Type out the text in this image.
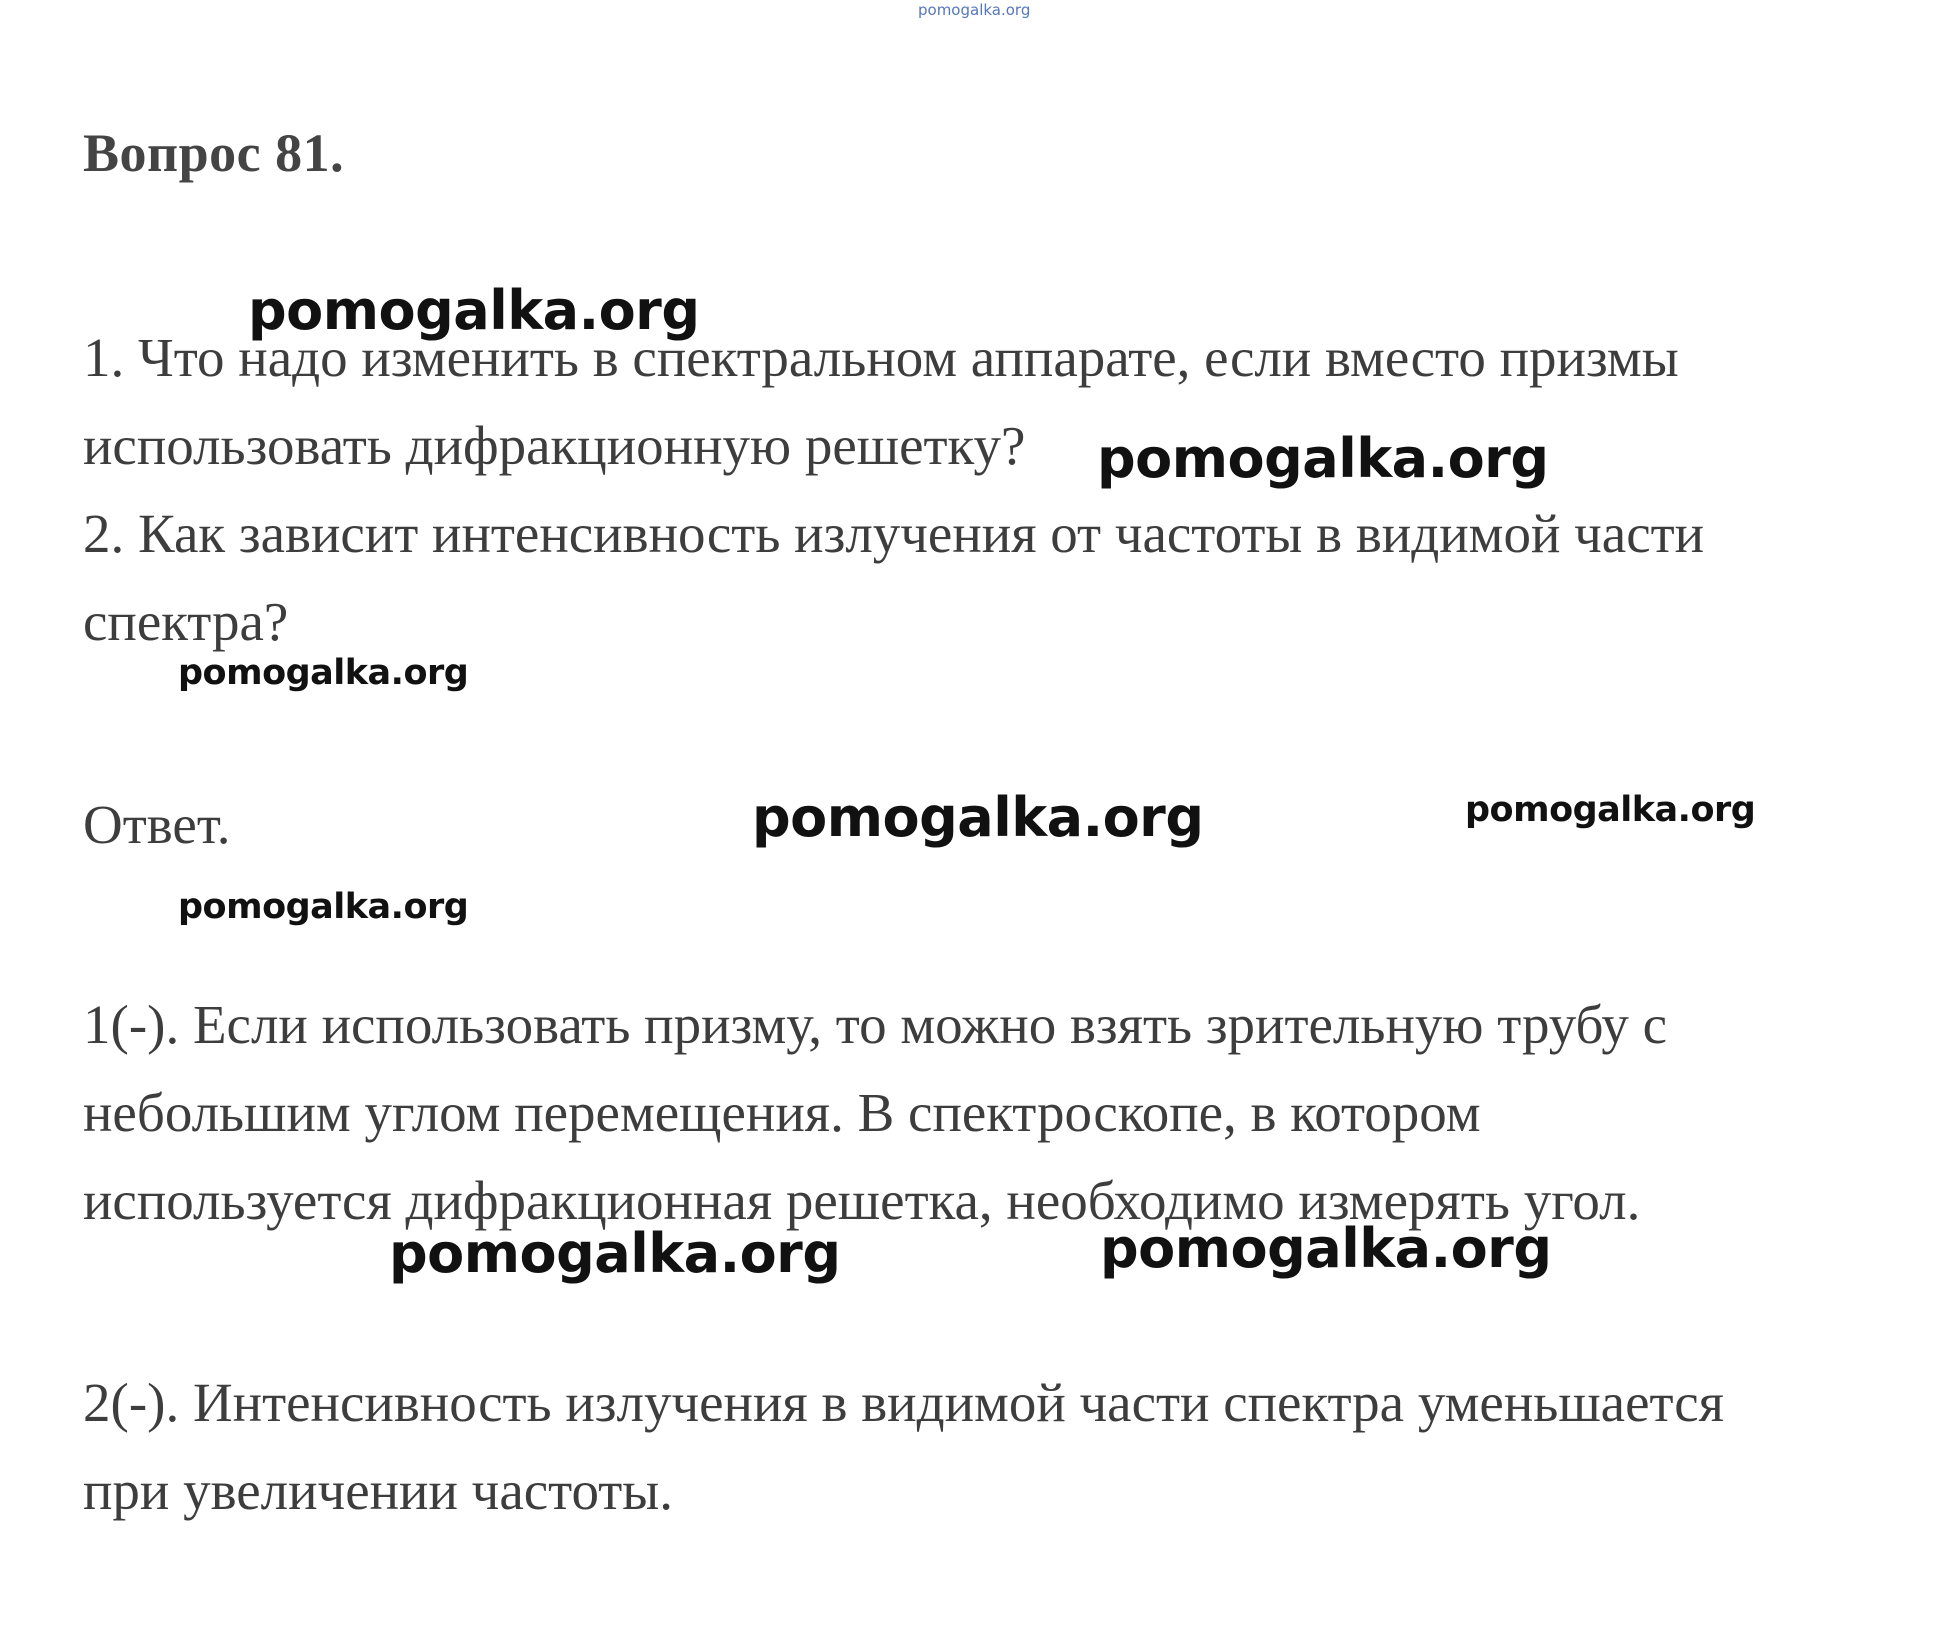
pomogalka.org
Вопрос 81.
1. Что надо изменить в спектральном аппарате, если вместо призмы
использовать дифракционную решетку?
2. Как зависит интенсивность излучения от частоты в видимой части
спектра?
Ответ.
1(-). Если использовать призму, то можно взять зрительную трубу с
небольшим углом перемещения. В спектроскопе, в котором
используется дифракционная решетка, необходимо измерять угол.
2(-). Интенсивность излучения в видимой части спектра уменьшается
при увеличении частоты.
pomogalka.org
pomogalka.org
pomogalka.org
pomogalka.org	pomogalka.org
pomogalka.org
pomogalka.org	pomogalka.org
